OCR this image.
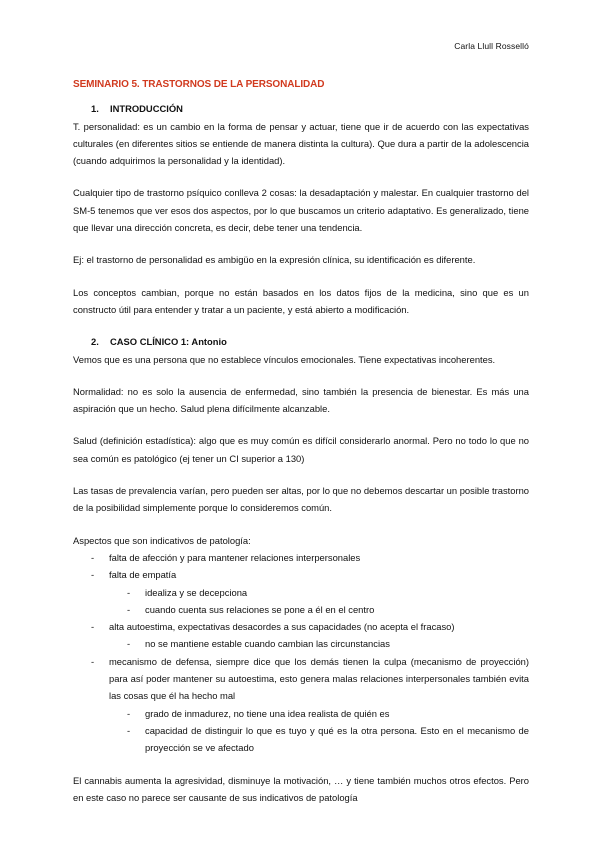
Carla Llull Rosselló
SEMINARIO 5. TRASTORNOS DE LA PERSONALIDAD
1. INTRODUCCIÓN

T. personalidad: es un cambio en la forma de pensar y actuar, tiene que ir de acuerdo con las expectativas culturales (en diferentes sitios se entiende de manera distinta la cultura). Que dura a partir de la adolescencia (cuando adquirimos la personalidad y la identidad).

Cualquier tipo de trastorno psíquico conlleva 2 cosas: la desadaptación y malestar. En cualquier trastorno del SM-5 tenemos que ver esos dos aspectos, por lo que buscamos un criterio adaptativo. Es generalizado, tiene que llevar una dirección concreta, es decir, debe tener una tendencia.

Ej: el trastorno de personalidad es ambigüo en la expresión clínica, su identificación es diferente.

Los conceptos cambian, porque no están basados en los datos fijos de la medicina, sino que es un constructo útil para entender y tratar a un paciente, y está abierto a modificación.

2. CASO CLÍNICO 1: Antonio

Vemos que es una persona que no establece vínculos emocionales. Tiene expectativas incoherentes.

Normalidad: no es solo la ausencia de enfermedad, sino también la presencia de bienestar. Es más una aspiración que un hecho. Salud plena difícilmente alcanzable.

Salud (definición estadística): algo que es muy común es difícil considerarlo anormal. Pero no todo lo que no sea común es patológico (ej tener un CI superior a 130)

Las tasas de prevalencia varían, pero pueden ser altas, por lo que no debemos descartar un posible trastorno de la posibilidad simplemente porque lo consideremos común.

Aspectos que son indicativos de patología:

- falta de afección y para mantener relaciones interpersonales
- falta de empatía
- idealiza y se decepciona
- cuando cuenta sus relaciones se pone a él en el centro
- alta autoestima, expectativas desacordes a sus capacidades (no acepta el fracaso)
- no se mantiene estable cuando cambian las circunstancias
- mecanismo de defensa, siempre dice que los demás tienen la culpa (mecanismo de proyección) para así poder mantener su autoestima, esto genera malas relaciones interpersonales también evita las cosas que él ha hecho mal
- grado de inmadurez, no tiene una idea realista de quién es
- capacidad de distinguir lo que es tuyo y qué es la otra persona. Esto en el mecanismo de proyección se ve afectado

El cannabis aumenta la agresividad, disminuye la motivación, … y tiene también muchos otros efectos. Pero en este caso no parece ser causante de sus indicativos de patología
